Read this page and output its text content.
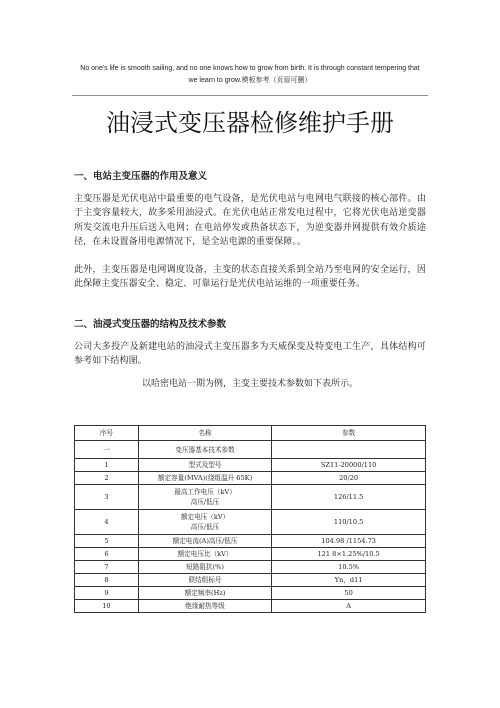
No one's life is smooth sailing, and no one knows how to grow from birth. It is through constant tempering that
we learn to grow.模板参考（页眉可删）
油浸式变压器检修维护手册
一、电站主变压器的作用及意义
主变压器是光伏电站中最重要的电气设备，是光伏电站与电网电气联接的核心部件。由于主变容量较大，故多采用油浸式。在光伏电站正常发电过程中，它将光伏电站逆变器所发交流电升压后送入电网；在电站停发或热备状态下，为逆变器并网提供有效介质途径，在未设置备用电源情况下，是全站电源的重要保障。。
此外，主变压器是电网调度设备，主变的状态直接关系到全站乃至电网的安全运行，因此保障主变压器安全、稳定、可靠运行是光伏电站运维的一项重要任务。
二、油浸式变压器的结构及技术参数
公司大多投产及新建电站的油浸式主变压器多为天威保变及特变电工生产，具体结构可参考如下结构图。
以哈密电站一期为例，主变主要技术参数如下表所示。
序号	名称	参数
一	变压器基本技术参数	

1	型式及型号	SZ11-20000/110
2	额定容量(MVA)(绕组温升 65K)	20/20
3	最高工作电压（kV）
高压/低压	126/11.5
4	额定电压（kV）
高压/低压	110/10.5
5	额定电流(A)高压/低压	104.98 /1154.73
6	额定电压比（kV）	121 8×1.25%/10.5
7	短路阻抗(%)	10.5%
8	联结组标号	Yn，d11
9	额定频率(Hz)	50
10	绝缘耐热等级	A
